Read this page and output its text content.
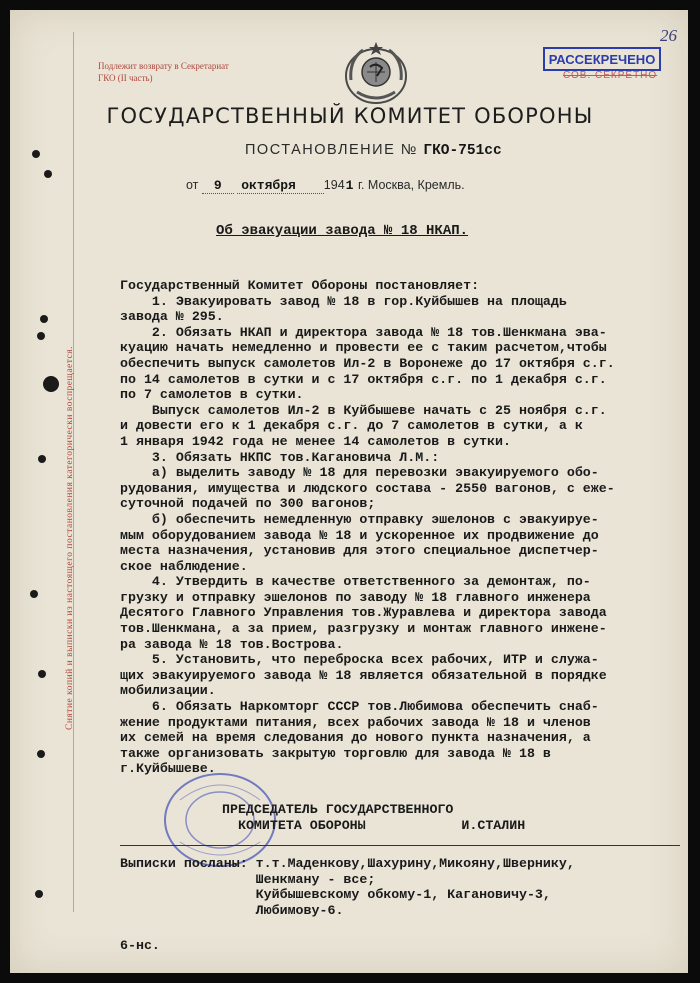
Снятие копий и выписки из настоящего постановления категорически воспрещается.
Подлежит возврату в Секретариат
ГКО (II часть)
РАССЕКРЕЧЕНО
СОВ. СЕКРЕТНО
26
ГОСУДАРСТВЕННЫЙ КОМИТЕТ ОБОРОНЫ
ПОСТАНОВЛЕНИЕ № ГКО-751сс
от 9 октября 1941 г. Москва, Кремль.
Об эвакуации завода № 18 НКАП.
Государственный Комитет Обороны постановляет:
1. Эвакуировать завод № 18 в гор.Куйбышев на площадь
завода № 295.
2. Обязать НКАП и директора завода № 18 тов.Шенкмана эва-
куацию начать немедленно и провести ее с таким расчетом,чтобы
обеспечить выпуск самолетов Ил-2 в Воронеже до 17 октября с.г.
по 14 самолетов в сутки и с 17 октября с.г. по 1 декабря с.г.
по 7 самолетов в сутки.
Выпуск самолетов Ил-2 в Куйбышеве начать с 25 ноября с.г.
и довести его к 1 декабря с.г. до 7 самолетов в сутки, а к
1 января 1942 года не менее 14 самолетов в сутки.
3. Обязать НКПС тов.Кагановича Л.М.:
а) выделить заводу № 18 для перевозки эвакуируемого обо-
рудования, имущества и людского состава - 2550 вагонов, с еже-
суточной подачей по 300 вагонов;
б) обеспечить немедленную отправку эшелонов с эвакуируе-
мым оборудованием завода № 18 и ускоренное их продвижение до
места назначения, установив для этого специальное диспетчер-
ское наблюдение.
4. Утвердить в качестве ответственного за демонтаж, по-
грузку и отправку эшелонов по заводу № 18 главного инженера
Десятого Главного Управления тов.Журавлева и директора завода
тов.Шенкмана, а за прием, разгрузку и монтаж главного инжене-
ра завода № 18 тов.Вострова.
5. Установить, что переброска всех рабочих, ИТР и служа-
щих эвакуируемого завода № 18 является обязательной в порядке
мобилизации.
6. Обязать Наркомторг СССР тов.Любимова обеспечить снаб-
жение продуктами питания, всех рабочих завода № 18 и членов
их семей на время следования до нового пункта назначения, а
также организовать закрытую торговлю для завода № 18 в
г.Куйбышеве.
ПРЕДСЕДАТЕЛЬ ГОСУДАРСТВЕННОГО
КОМИТЕТА ОБОРОНЫ            И.СТАЛИН
Выписки посланы: т.т.Маденкову,Шахурину,Микояну,Швернику,
Шенкману - все;
Куйбышевскому обкому-1, Кагановичу-3,
Любимову-6.
6-нс.
